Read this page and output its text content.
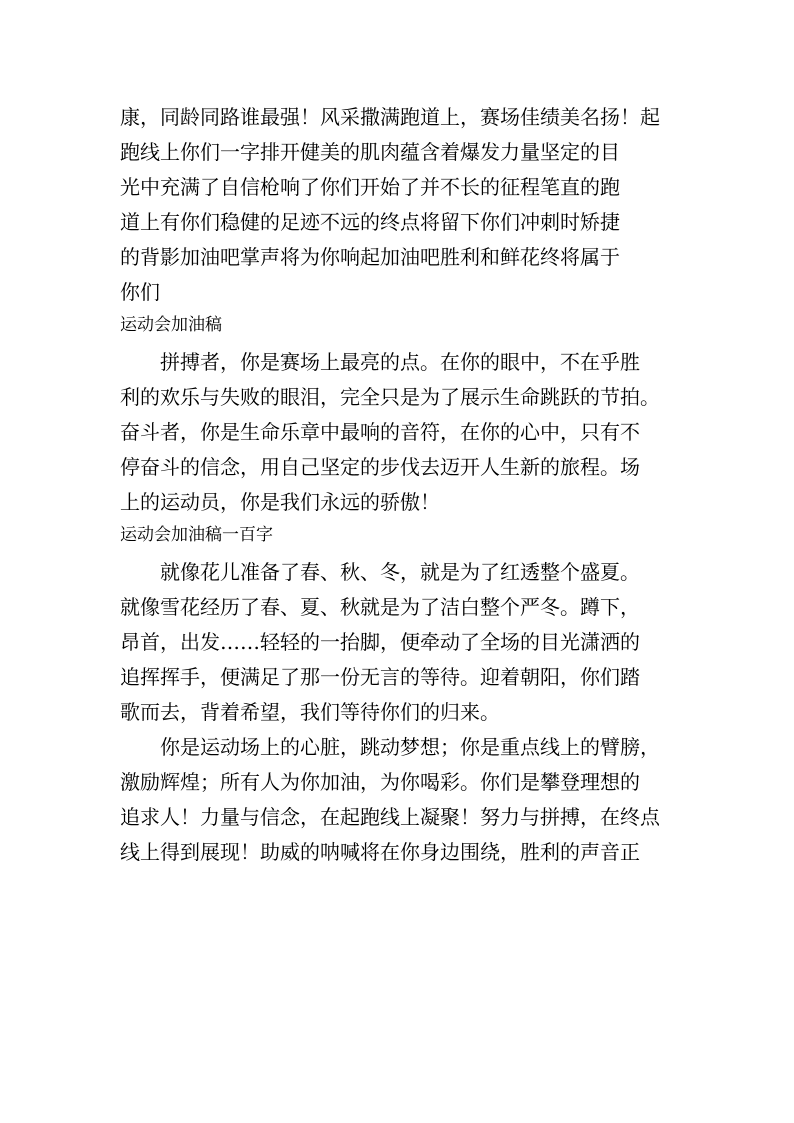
康，同龄同路谁最强！风采撒满跑道上，赛场佳绩美名扬！起
跑线上你们一字排开健美的肌肉蕴含着爆发力量坚定的目
光中充满了自信枪响了你们开始了并不长的征程笔直的跑
道上有你们稳健的足迹不远的终点将留下你们冲刺时矫捷
的背影加油吧掌声将为你响起加油吧胜利和鲜花终将属于
你们
运动会加油稿
拼搏者，你是赛场上最亮的点。在你的眼中，不在乎胜
利的欢乐与失败的眼泪，完全只是为了展示生命跳跃的节拍。
奋斗者，你是生命乐章中最响的音符，在你的心中，只有不
停奋斗的信念，用自己坚定的步伐去迈开人生新的旅程。场
上的运动员，你是我们永远的骄傲！
运动会加油稿一百字
就像花儿准备了春、秋、冬，就是为了红透整个盛夏。
就像雪花经历了春、夏、秋就是为了洁白整个严冬。蹲下，
昂首，出发……轻轻的一抬脚，便牵动了全场的目光潇洒的
追挥挥手，便满足了那一份无言的等待。迎着朝阳，你们踏
歌而去，背着希望，我们等待你们的归来。
你是运动场上的心脏，跳动梦想；你是重点线上的臂膀，
激励辉煌；所有人为你加油，为你喝彩。你们是攀登理想的
追求人！力量与信念，在起跑线上凝聚！努力与拼搏，在终点
线上得到展现！助威的呐喊将在你身边围绕，胜利的声音正
